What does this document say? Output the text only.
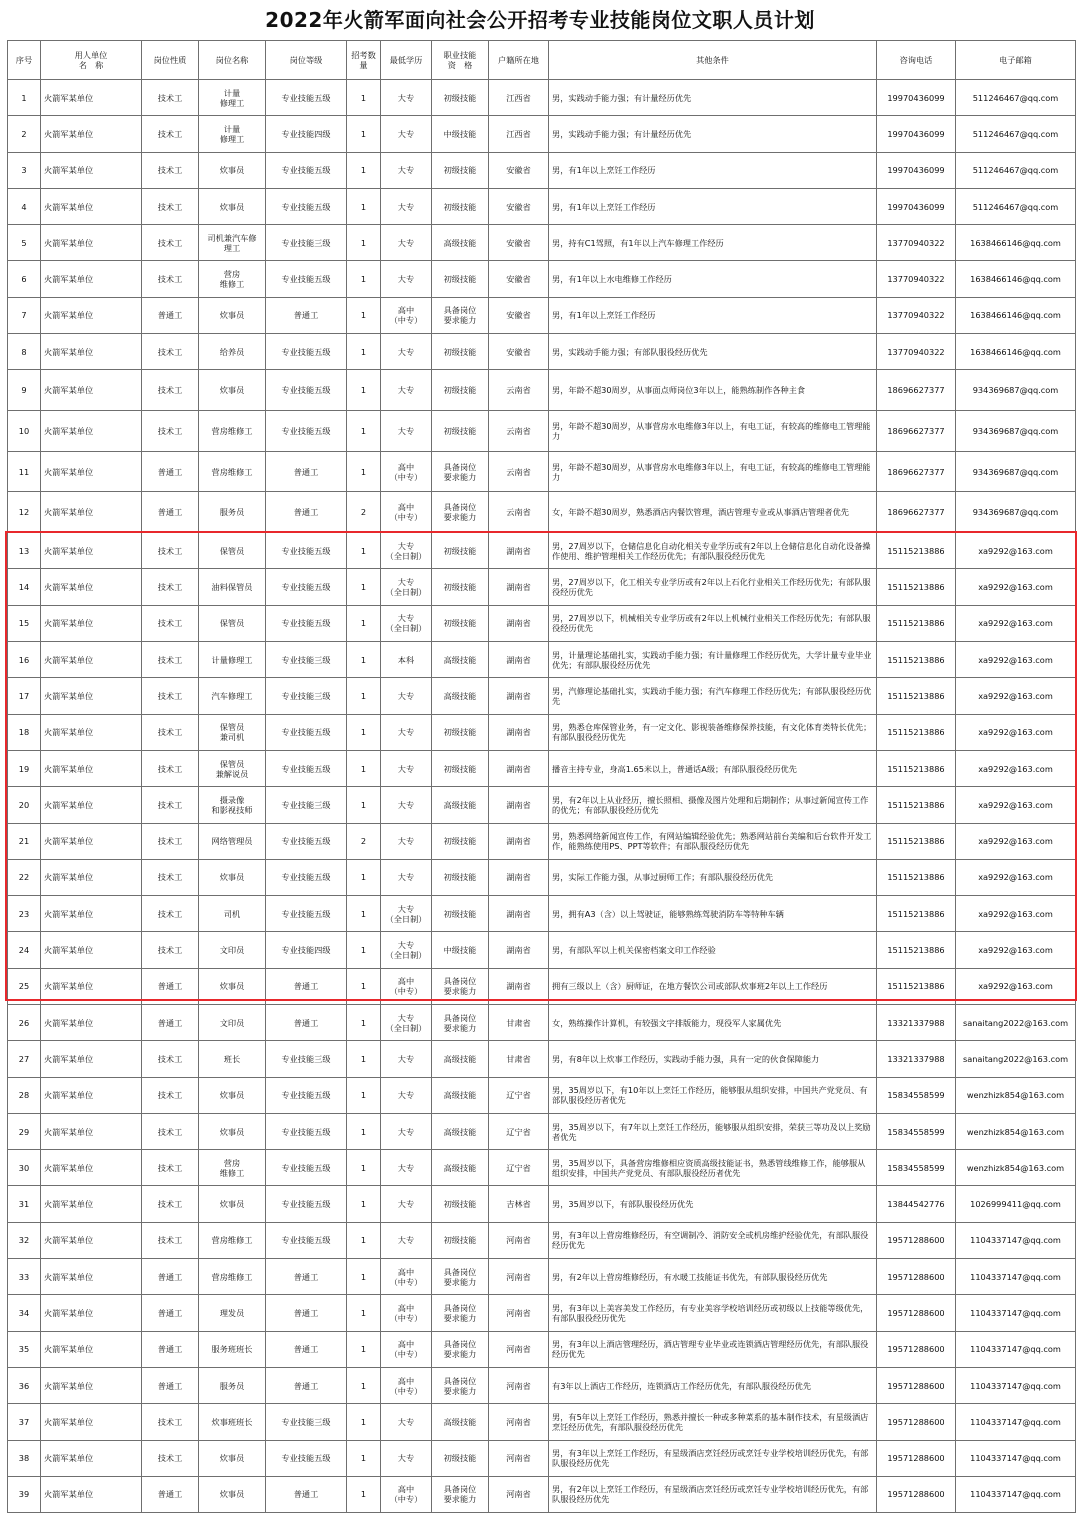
2022年火箭军面向社会公开招考专业技能岗位文职人员计划
序号	用人单位
名　称	岗位性质	岗位名称	岗位等级	招考数量	最低学历	职业技能
资　格	户籍所在地	其他条件	咨询电话	电子邮箱
1	火箭军某单位	技术工	计量
修理工	专业技能五级	1	大专	初级技能	江西省	男，实践动手能力强；有计量经历优先	19970436099	511246467@qq.com
2	火箭军某单位	技术工	计量
修理工	专业技能四级	1	大专	中级技能	江西省	男，实践动手能力强；有计量经历优先	19970436099	511246467@qq.com
3	火箭军某单位	技术工	炊事员	专业技能五级	1	大专	初级技能	安徽省	男，有1年以上烹饪工作经历	19970436099	511246467@qq.com
4	火箭军某单位	技术工	炊事员	专业技能五级	1	大专	初级技能	安徽省	男，有1年以上烹饪工作经历	19970436099	511246467@qq.com
5	火箭军某单位	技术工	司机兼汽车修
理工	专业技能三级	1	大专	高级技能	安徽省	男，持有C1驾照，有1年以上汽车修理工作经历	13770940322	1638466146@qq.com
6	火箭军某单位	技术工	营房
维修工	专业技能五级	1	大专	初级技能	安徽省	男，有1年以上水电维修工作经历	13770940322	1638466146@qq.com
7	火箭军某单位	普通工	炊事员	普通工	1	高中
（中专）	具备岗位
要求能力	安徽省	男，有1年以上烹饪工作经历	13770940322	1638466146@qq.com
8	火箭军某单位	技术工	给养员	专业技能五级	1	大专	初级技能	安徽省	男，实践动手能力强；有部队服役经历优先	13770940322	1638466146@qq.com
9	火箭军某单位	技术工	炊事员	专业技能五级	1	大专	初级技能	云南省	男，年龄不超30周岁，从事面点师岗位3年以上，能熟练制作各种主食	18696627377	934369687@qq.com
10	火箭军某单位	技术工	营房维修工	专业技能五级	1	大专	初级技能	云南省	男，年龄不超30周岁，从事营房水电维修3年以上，有电工证，有较高的维修电工管理能力	18696627377	934369687@qq.com
11	火箭军某单位	普通工	营房维修工	普通工	1	高中
（中专）	具备岗位
要求能力	云南省	男，年龄不超30周岁，从事营房水电维修3年以上，有电工证，有较高的维修电工管理能力	18696627377	934369687@qq.com
12	火箭军某单位	普通工	服务员	普通工	2	高中
（中专）	具备岗位
要求能力	云南省	女，年龄不超30周岁，熟悉酒店内餐饮管理，酒店管理专业或从事酒店管理者优先	18696627377	934369687@qq.com
13	火箭军某单位	技术工	保管员	专业技能五级	1	大专
（全日制）	初级技能	湖南省	男，27周岁以下，仓储信息化自动化相关专业学历或有2年以上仓储信息化自动化设备操作使用、维护管理相关工作经历优先；有部队服役经历优先	15115213886	xa9292@163.com
14	火箭军某单位	技术工	油料保管员	专业技能五级	1	大专
（全日制）	初级技能	湖南省	男，27周岁以下，化工相关专业学历或有2年以上石化行业相关工作经历优先；有部队服役经历优先	15115213886	xa9292@163.com
15	火箭军某单位	技术工	保管员	专业技能五级	1	大专
（全日制）	初级技能	湖南省	男，27周岁以下，机械相关专业学历或有2年以上机械行业相关工作经历优先；有部队服役经历优先	15115213886	xa9292@163.com
16	火箭军某单位	技术工	计量修理工	专业技能三级	1	本科	高级技能	湖南省	男，计量理论基础扎实，实践动手能力强；有计量修理工作经历优先，大学计量专业毕业优先；有部队服役经历优先	15115213886	xa9292@163.com
17	火箭军某单位	技术工	汽车修理工	专业技能三级	1	大专	高级技能	湖南省	男，汽修理论基础扎实，实践动手能力强；有汽车修理工作经历优先；有部队服役经历优先	15115213886	xa9292@163.com
18	火箭军某单位	技术工	保管员
兼司机	专业技能五级	1	大专	初级技能	湖南省	男，熟悉仓库保管业务，有一定文化、影视装备维修保养技能，有文化体育类特长优先；有部队服役经历优先	15115213886	xa9292@163.com
19	火箭军某单位	技术工	保管员
兼解说员	专业技能五级	1	大专	初级技能	湖南省	播音主持专业，身高1.65米以上，普通话A级；有部队服役经历优先	15115213886	xa9292@163.com
20	火箭军某单位	技术工	摄录像
和影视技师	专业技能三级	1	大专	高级技能	湖南省	男，有2年以上从业经历，擅长照相、摄像及图片处理和后期制作；从事过新闻宣传工作的优先；有部队服役经历优先	15115213886	xa9292@163.com
21	火箭军某单位	技术工	网络管理员	专业技能五级	2	大专	初级技能	湖南省	男，熟悉网络新闻宣传工作，有网站编辑经验优先；熟悉网站前台美编和后台软件开发工作，能熟练使用PS、PPT等软件；有部队服役经历优先	15115213886	xa9292@163.com
22	火箭军某单位	技术工	炊事员	专业技能五级	1	大专	初级技能	湖南省	男，实际工作能力强，从事过厨师工作；有部队服役经历优先	15115213886	xa9292@163.com
23	火箭军某单位	技术工	司机	专业技能五级	1	大专
（全日制）	初级技能	湖南省	男，拥有A3（含）以上驾驶证，能够熟练驾驶消防车等特种车辆	15115213886	xa9292@163.com
24	火箭军某单位	技术工	文印员	专业技能四级	1	大专
（全日制）	中级技能	湖南省	男，有部队军以上机关保密档案文印工作经验	15115213886	xa9292@163.com
25	火箭军某单位	普通工	炊事员	普通工	1	高中
（中专）	具备岗位
要求能力	湖南省	拥有三级以上（含）厨师证，在地方餐饮公司或部队炊事班2年以上工作经历	15115213886	xa9292@163.com
26	火箭军某单位	普通工	文印员	普通工	1	大专
（全日制）	具备岗位
要求能力	甘肃省	女，熟练操作计算机，有较强文字排版能力，现役军人家属优先	13321337988	sanaitang2022@163.com
27	火箭军某单位	技术工	班长	专业技能三级	1	大专	高级技能	甘肃省	男，有8年以上炊事工作经历，实践动手能力强，具有一定的伙食保障能力	13321337988	sanaitang2022@163.com
28	火箭军某单位	技术工	炊事员	专业技能五级	1	大专	高级技能	辽宁省	男，35周岁以下，有10年以上烹饪工作经历，能够服从组织安排，中国共产党党员、有部队服役经历者优先	15834558599	wenzhizk854@163.com
29	火箭军某单位	技术工	炊事员	专业技能五级	1	大专	高级技能	辽宁省	男，35周岁以下，有7年以上烹饪工作经历，能够服从组织安排，荣获三等功及以上奖励者优先	15834558599	wenzhizk854@163.com
30	火箭军某单位	技术工	营房
维修工	专业技能五级	1	大专	高级技能	辽宁省	男，35周岁以下，具备营房维修相应资质高级技能证书，熟悉管线维修工作，能够服从组织安排，中国共产党党员、有部队服役经历者优先	15834558599	wenzhizk854@163.com
31	火箭军某单位	技术工	炊事员	专业技能五级	1	大专	初级技能	吉林省	男，35周岁以下，有部队服役经历优先	13844542776	1026999411@qq.com
32	火箭军某单位	技术工	营房维修工	专业技能五级	1	大专	初级技能	河南省	男，有3年以上营房维修经历，有空调制冷、消防安全或机房维护经验优先，有部队服役经历优先	19571288600	1104337147@qq.com
33	火箭军某单位	普通工	营房维修工	普通工	1	高中
（中专）	具备岗位
要求能力	河南省	男，有2年以上营房维修经历，有水暖工技能证书优先，有部队服役经历优先	19571288600	1104337147@qq.com
34	火箭军某单位	普通工	理发员	普通工	1	高中
（中专）	具备岗位
要求能力	河南省	男，有3年以上美容美发工作经历，有专业美容学校培训经历或初级以上技能等级优先，有部队服役经历优先	19571288600	1104337147@qq.com
35	火箭军某单位	普通工	服务班班长	普通工	1	高中
（中专）	具备岗位
要求能力	河南省	男，有3年以上酒店管理经历，酒店管理专业毕业或连锁酒店管理经历优先，有部队服役经历优先	19571288600	1104337147@qq.com
36	火箭军某单位	普通工	服务员	普通工	1	高中
（中专）	具备岗位
要求能力	河南省	有3年以上酒店工作经历，连锁酒店工作经历优先，有部队服役经历优先	19571288600	1104337147@qq.com
37	火箭军某单位	技术工	炊事班班长	专业技能三级	1	大专	高级技能	河南省	男，有5年以上烹饪工作经历，熟悉并擅长一种或多种菜系的基本制作技术，有星级酒店烹饪经历优先，有部队服役经历优先	19571288600	1104337147@qq.com
38	火箭军某单位	技术工	炊事员	专业技能五级	1	大专	初级技能	河南省	男，有3年以上烹饪工作经历，有星级酒店烹饪经历或烹饪专业学校培训经历优先，有部队服役经历优先	19571288600	1104337147@qq.com
39	火箭军某单位	普通工	炊事员	普通工	1	高中
（中专）	具备岗位
要求能力	河南省	男，有2年以上烹饪工作经历，有星级酒店烹饪经历或烹饪专业学校培训经历优先，有部队服役经历优先	19571288600	1104337147@qq.com
